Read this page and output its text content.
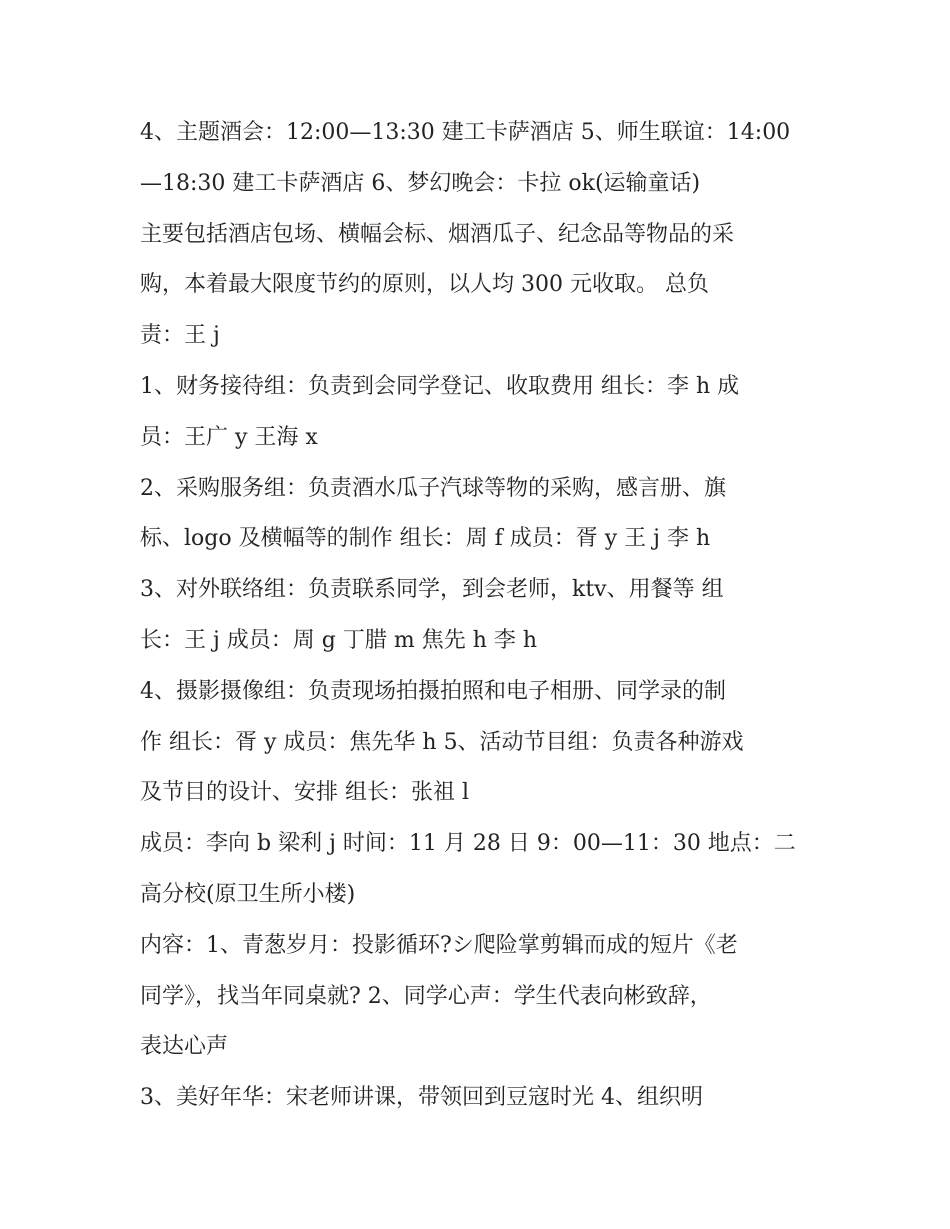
4、主题酒会：12:00—13:30 建工卡萨酒店 5、师生联谊：14:00
—18:30 建工卡萨酒店 6、梦幻晚会：卡拉 ok(运输童话)
主要包括酒店包场、横幅会标、烟酒瓜子、纪念品等物品的采
购，本着最大限度节约的原则，以人均 300 元收取。 总负
责：王 j
1、财务接待组：负责到会同学登记、收取费用 组长：李 h 成
员：王广 y 王海 x
2、采购服务组：负责酒水瓜子汽球等物的采购，感言册、旗
标、logo 及横幅等的制作 组长：周 f 成员：胥 y 王 j 李 h
3、对外联络组：负责联系同学，到会老师，ktv、用餐等 组
长：王 j 成员：周 g 丁腊 m 焦先 h 李 h
4、摄影摄像组：负责现场拍摄拍照和电子相册、同学录的制
作 组长：胥 y 成员：焦先华 h 5、活动节目组：负责各种游戏
及节目的设计、安排 组长：张祖 l
成员：李向 b 梁利 j 时间：11 月 28 日 9：00—11：30 地点：二
高分校(原卫生所小楼)
内容：1、青葱岁月：投影循环?シ爬险掌剪辑而成的短片《老
同学》，找当年同桌就? 2、同学心声：学生代表向彬致辞，
表达心声
3、美好年华：宋老师讲课，带领回到豆寇时光 4、组织明
